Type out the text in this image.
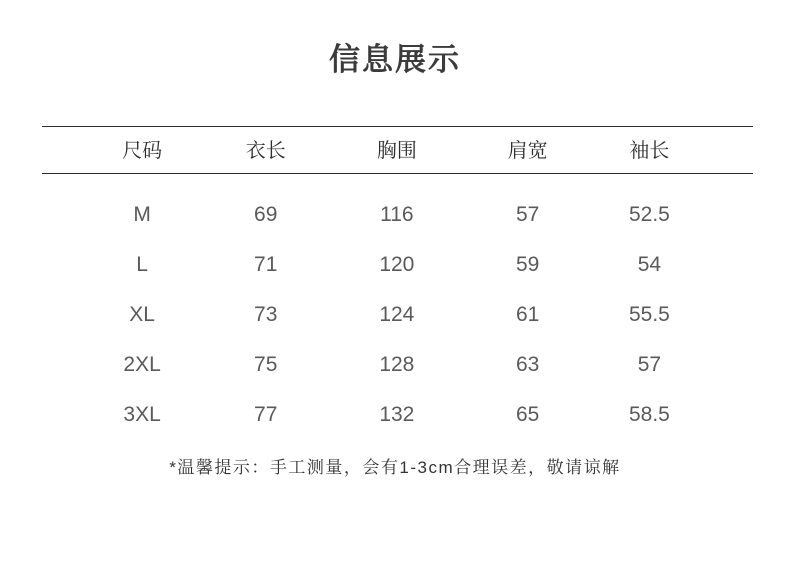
信息展示
尺码	衣长	胸围	肩宽	袖长
M	69	116	57	52.5
L	71	120	59	54
XL	73	124	61	55.5
2XL	75	128	63	57
3XL	77	132	65	58.5

*温馨提示：手工测量，会有1-3cm合理误差，敬请谅解
